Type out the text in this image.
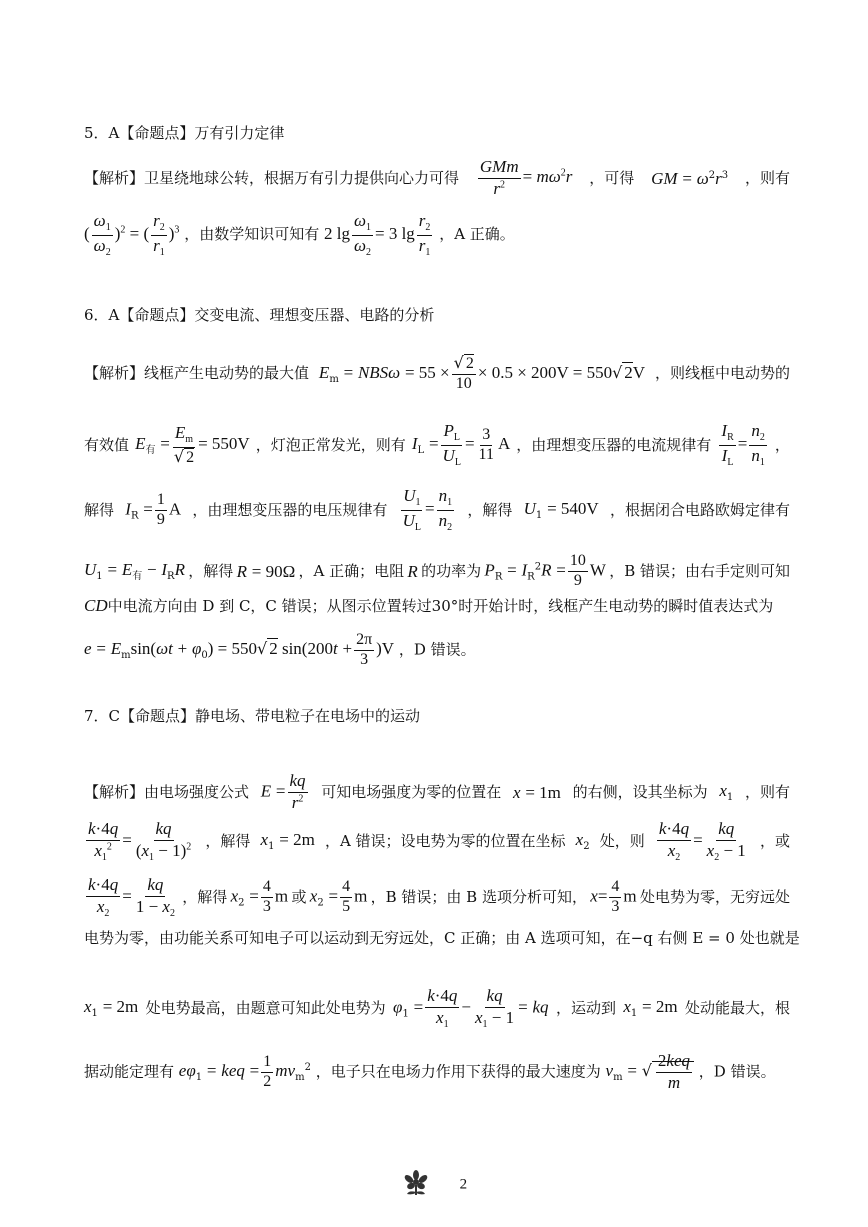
5．A【命题点】万有引力定律
【解析】卫星绕地球公转，根据万有引力提供向心力可得 $\frac{\text{GMm}}{r^2} = m\omega^2r$ ，可得 GM = $\omega^2r^3$ ，则有
( $\frac{\omega_1}{\omega_2} )^2$ = ( $\frac{r_2}{r_1} )^3$ ，由数学知识可知有 2 $\lg \frac{\omega_1}{\omega_2} = 3$ $\lg \frac{r_2}{r_1}$ ，A 正确。
6．A【命题点】交变电流、理想变压器、电路的分析
【解析】线框产生电动势的最大值 $E_m = NBS\omega = 55 \times \frac{√ 2}{10} \times 0.5 \times 200V = 550√$ 2V ，则线框中电动势的
有效值 $E_有 = \frac{E_m}{√ 2} = 550V$ ，灯泡正常发光，则有 $I_L = \frac{P_L}{U_L} = \frac{3}{11}$ A ，由理想变压器的电流规律有 $\frac{I_R}{I_L} = \frac{n_2}{n_1}$ ，
解得 $I_R = \frac{1}{9}$ A ，由理想变压器的电压规律有 $\frac{U_1}{U_L} = \frac{n_1}{n_2}$ ，解得 $U_1 = 540V$ ，根据闭合电路欧姆定律有
$U_1 = E_有 - I_RR$ ，解得 R = 90Ω ，A 正确；电阻 R 的功率为 $P_R = I_R^2R = \frac{10}{9}$ W ，B 错误；由右手定则可知
CD中电流方向由 D 到 C，C 错误；从图示位置转过30°时开始计时，线框产生电动势的瞬时值表达式为
$e = E_m\sin(\omega t + \varphi_0) = 550√$ 2 $\sin(200t + \frac{2\pi}{3} )V$ ，D 错误。
7．C【命题点】静电场、带电粒子在电场中的运动
【解析】由电场强度公式 $E = \frac{kq}{r^2}$ 可知电场强度为零的位置在 x = 1m 的右侧，设其坐标为 $x_1$ ，则有
$\frac{k\cdot 4q}{x_1^2} = \frac{kq}{(x_1 - 1)^2}$ ，解得 $x_1 = 2m$ ，A 错误；设电势为零的位置在坐标 $x_2$ 处，则 $\frac{k\cdot 4q}{x_2} = \frac{kq}{x_2 - 1}$ ，或
$\frac{k\cdot 4q}{x_2} = \frac{kq}{1 - x_2}$ ，解得 $x_2 = \frac{4}{3}$ m 或 $x_2 = \frac{4}{5}$ m ，B 错误；由 B 选项分析可知， $x= \frac{4}{3}$ m 处电势为零，无穷远处
电势为零，由功能关系可知电子可以运动到无穷远处，C 正确；由 A 选项可知，在−q 右侧 E = 0 处也就是
$x_1 = 2m$ 处电势最高，由题意可知此处电势为 $\varphi_1 = \frac{k\cdot 4q}{x_1} - \frac{kq}{x_1 - 1}$ = kq ，运动到 $x_1 = 2m$ 处动能最大，根
据动能定理有 $e\varphi_1$ = keq = $\frac{1}{2} mv_m^2$ ，电子只在电场力作用下获得的最大速度为 $v_m$ = √ $\frac{\text{2keq}}{m}$ ，D 错误。
2
